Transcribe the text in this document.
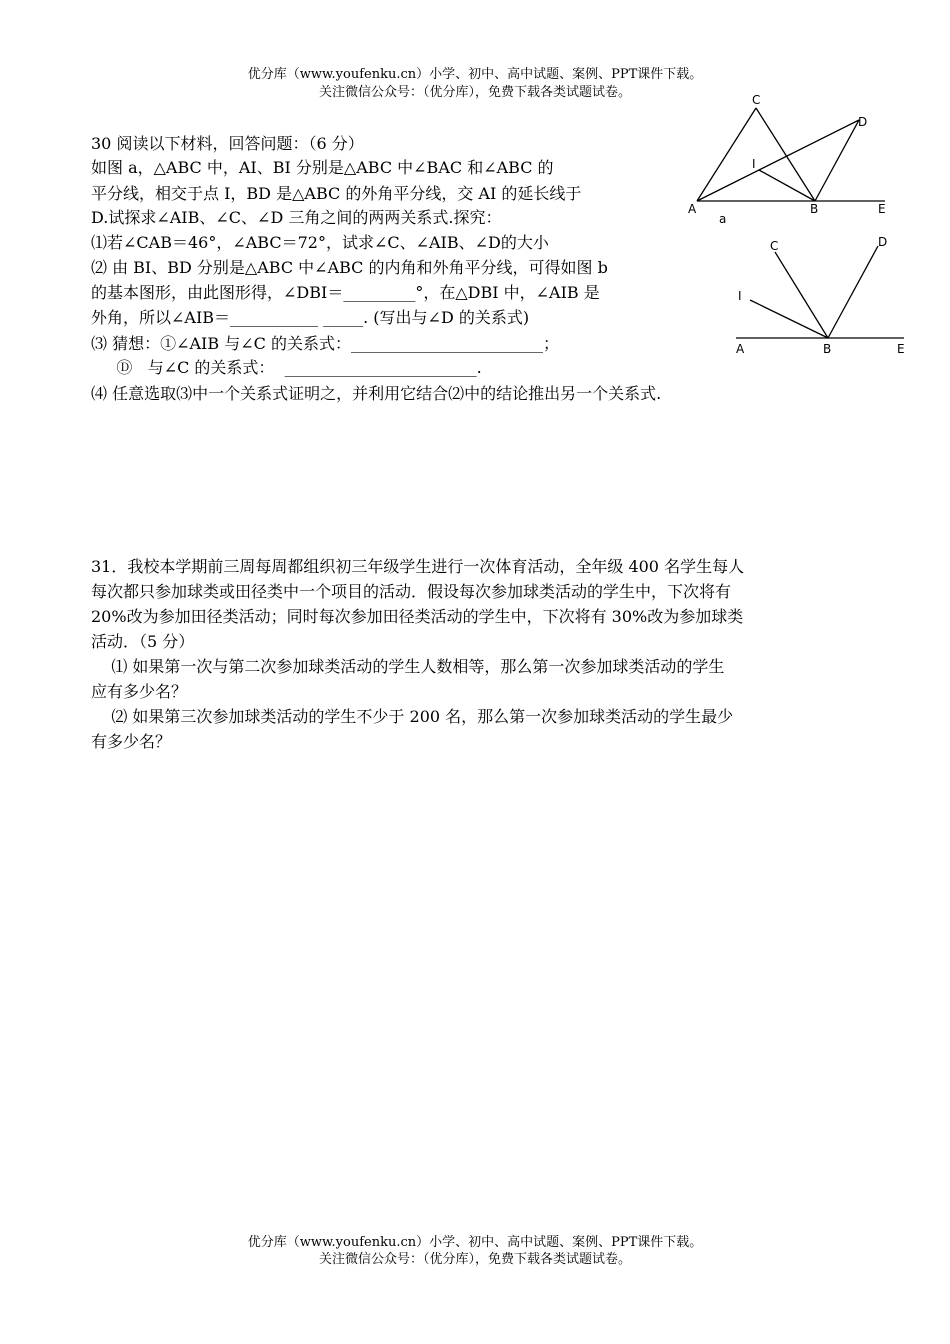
优分库（www.youfenku.cn）小学、初中、高中试题、案例、PPT课件下载。
关注微信公众号：（优分库），免费下载各类试题试卷。
30 阅读以下材料，回答问题：（6 分）
如图 a，△ABC 中，AI、BI 分别是△ABC 中∠BAC 和∠ABC 的
平分线，相交于点 I，BD 是△ABC 的外角平分线，交 AI 的延长线于
D.试探求∠AIB、∠C、∠D 三角之间的两两关系式.探究：
⑴若∠CAB＝46°，∠ABC＝72°，试求∠C、∠AIB、∠D的大小
⑵ 由 BI、BD 分别是△ABC 中∠ABC 的内角和外角平分线，可得如图 b
的基本图形，由此图形得，∠DBI＝_________°，在△DBI 中，∠AIB 是
外角，所以∠AIB＝___________ _____. (写出与∠D 的关系式)
⑶ 猜想：①∠AIB 与∠C 的关系式：________________________；
Ⓓ   与∠C 的关系式：  ________________________.
⑷ 任意选取⑶中一个关系式证明之，并利用它结合⑵中的结论推出另一个关系式.
C
D
I
A	B	E
a
C	D
I
A	B	E
31．我校本学期前三周每周都组织初三年级学生进行一次体育活动，全年级 400 名学生每人
每次都只参加球类或田径类中一个项目的活动．假设每次参加球类活动的学生中，下次将有
20%改为参加田径类活动；同时每次参加田径类活动的学生中，下次将有 30%改为参加球类
活动．（5 分）
⑴ 如果第一次与第二次参加球类活动的学生人数相等，那么第一次参加球类活动的学生
应有多少名？
⑵ 如果第三次参加球类活动的学生不少于 200 名，那么第一次参加球类活动的学生最少
有多少名？
优分库（www.youfenku.cn）小学、初中、高中试题、案例、PPT课件下载。
关注微信公众号：（优分库），免费下载各类试题试卷。
